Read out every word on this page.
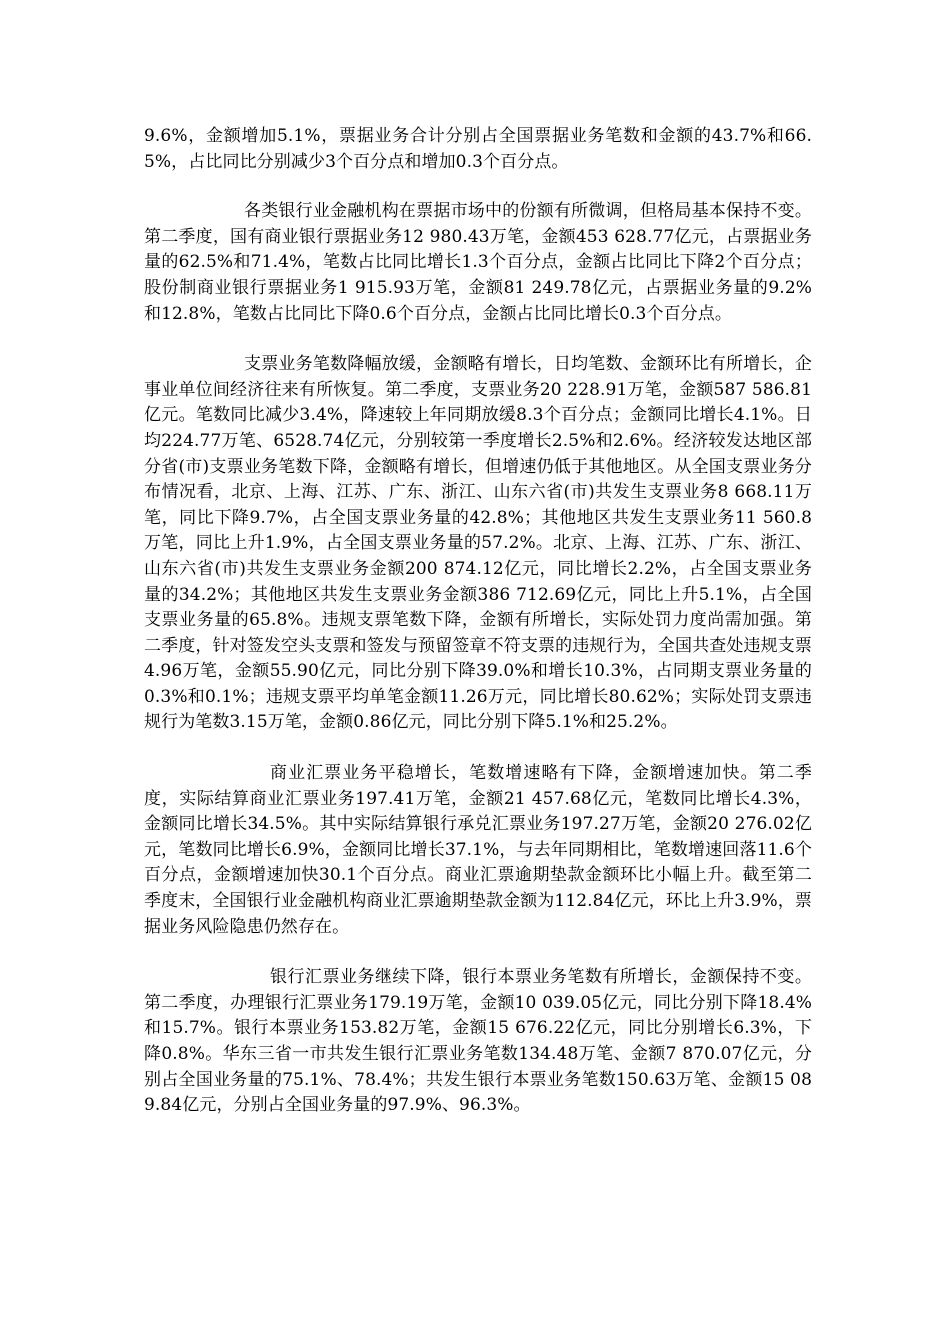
9.6%，金额增加5.1%，票据业务合计分别占全国票据业务笔数和金额的43.7%和66.5%，占比同比分别减少3个百分点和增加0.3个百分点。

各类银行业金融机构在票据市场中的份额有所微调，但格局基本保持不变。第二季度，国有商业银行票据业务12 980.43万笔，金额453 628.77亿元，占票据业务量的62.5%和71.4%，笔数占比同比增长1.3个百分点，金额占比同比下降2个百分点；股份制商业银行票据业务1 915.93万笔，金额81 249.78亿元，占票据业务量的9.2%和12.8%，笔数占比同比下降0.6个百分点，金额占比同比增长0.3个百分点。

支票业务笔数降幅放缓，金额略有增长，日均笔数、金额环比有所增长，企事业单位间经济往来有所恢复。第二季度，支票业务20 228.91万笔，金额587 586.81亿元。笔数同比减少3.4%，降速较上年同期放缓8.3个百分点；金额同比增长4.1%。日均224.77万笔、6528.74亿元，分别较第一季度增长2.5%和2.6%。经济较发达地区部分省(市)支票业务笔数下降，金额略有增长，但增速仍低于其他地区。从全国支票业务分布情况看，北京、上海、江苏、广东、浙江、山东六省(市)共发生支票业务8 668.11万笔，同比下降9.7%，占全国支票业务量的42.8%；其他地区共发生支票业务11 560.8万笔，同比上升1.9%，占全国支票业务量的57.2%。北京、上海、江苏、广东、浙江、山东六省(市)共发生支票业务金额200 874.12亿元，同比增长2.2%，占全国支票业务量的34.2%；其他地区共发生支票业务金额386 712.69亿元，同比上升5.1%，占全国支票业务量的65.8%。违规支票笔数下降，金额有所增长，实际处罚力度尚需加强。第二季度，针对签发空头支票和签发与预留签章不符支票的违规行为，全国共查处违规支票4.96万笔，金额55.90亿元，同比分别下降39.0%和增长10.3%，占同期支票业务量的0.3%和0.1%；违规支票平均单笔金额11.26万元，同比增长80.62%；实际处罚支票违规行为笔数3.15万笔，金额0.86亿元，同比分别下降5.1%和25.2%。

商业汇票业务平稳增长，笔数增速略有下降，金额增速加快。第二季度，实际结算商业汇票业务197.41万笔，金额21 457.68亿元，笔数同比增长4.3%，金额同比增长34.5%。其中实际结算银行承兑汇票业务197.27万笔，金额20 276.02亿元，笔数同比增长6.9%，金额同比增长37.1%，与去年同期相比，笔数增速回落11.6个百分点，金额增速加快30.1个百分点。商业汇票逾期垫款金额环比小幅上升。截至第二季度末，全国银行业金融机构商业汇票逾期垫款金额为112.84亿元，环比上升3.9%，票据业务风险隐患仍然存在。

银行汇票业务继续下降，银行本票业务笔数有所增长，金额保持不变。第二季度，办理银行汇票业务179.19万笔，金额10 039.05亿元，同比分别下降18.4%和15.7%。银行本票业务153.82万笔，金额15 676.22亿元，同比分别增长6.3%，下降0.8%。华东三省一市共发生银行汇票业务笔数134.48万笔、金额7 870.07亿元，分别占全国业务量的75.1%、78.4%；共发生银行本票业务笔数150.63万笔、金额15 089.84亿元，分别占全国业务量的97.9%、96.3%。
